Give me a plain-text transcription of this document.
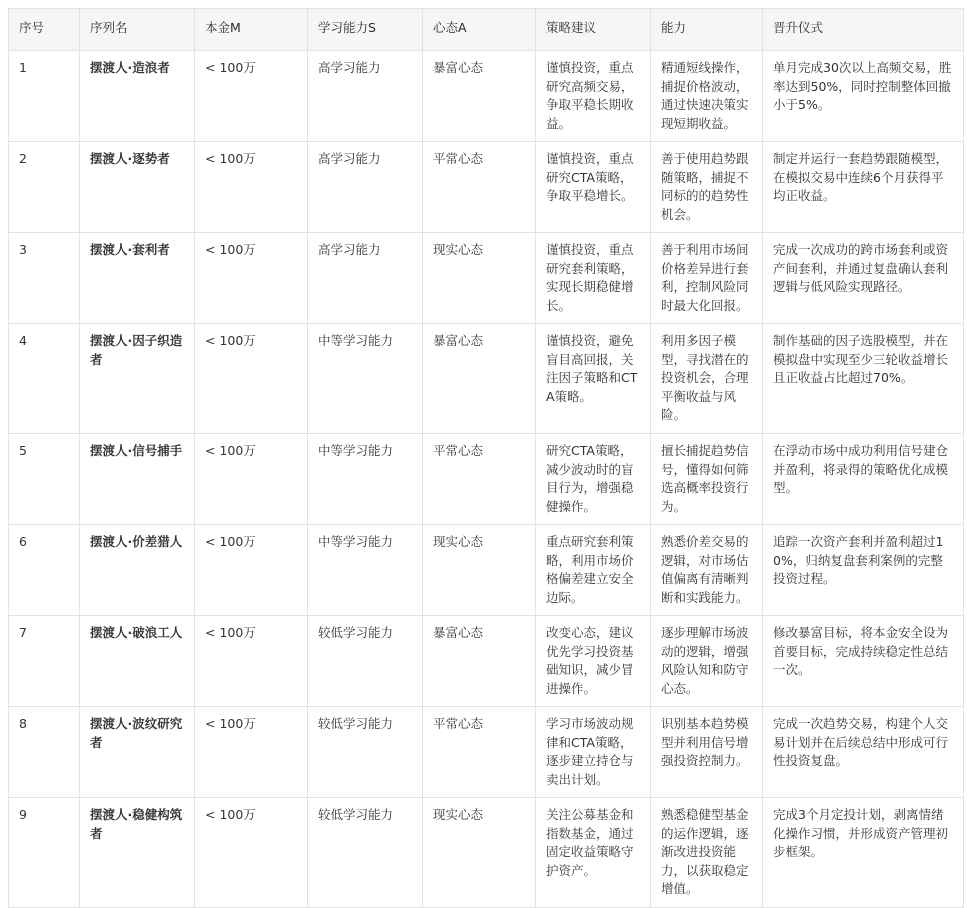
序号	序列名	本金M	学习能力S	心态A	策略建议	能力	晋升仪式
1	摆渡人·造浪者	< 100万	高学习能力	暴富心态	谨慎投资，重点研究高频交易，争取平稳长期收益。	精通短线操作，捕捉价格波动，通过快速决策实现短期收益。	单月完成30次以上高频交易，胜率达到50%，同时控制整体回撤小于5%。
2	摆渡人·逐势者	< 100万	高学习能力	平常心态	谨慎投资，重点研究CTA策略，争取平稳增长。	善于使用趋势跟随策略，捕捉不同标的的趋势性机会。	制定并运行一套趋势跟随模型，在模拟交易中连续6个月获得平均正收益。
3	摆渡人·套利者	< 100万	高学习能力	现实心态	谨慎投资，重点研究套利策略，实现长期稳健增长。	善于利用市场间价格差异进行套利，控制风险同时最大化回报。	完成一次成功的跨市场套利或资产间套利，并通过复盘确认套利逻辑与低风险实现路径。
4	摆渡人·因子织造者	< 100万	中等学习能力	暴富心态	谨慎投资，避免盲目高回报，关注因子策略和CTA策略。	利用多因子模型，寻找潜在的投资机会，合理平衡收益与风险。	制作基础的因子选股模型，并在模拟盘中实现至少三轮收益增长且正收益占比超过70%。
5	摆渡人·信号捕手	< 100万	中等学习能力	平常心态	研究CTA策略，减少波动时的盲目行为，增强稳健操作。	擅长捕捉趋势信号，懂得如何筛选高概率投资行为。	在浮动市场中成功利用信号建仓并盈利，将录得的策略优化成模型。
6	摆渡人·价差猎人	< 100万	中等学习能力	现实心态	重点研究套利策略，利用市场价格偏差建立安全边际。	熟悉价差交易的逻辑，对市场估值偏离有清晰判断和实践能力。	追踪一次资产套利并盈利超过10%，归纳复盘套利案例的完整投资过程。
7	摆渡人·破浪工人	< 100万	较低学习能力	暴富心态	改变心态，建议优先学习投资基础知识，减少冒进操作。	逐步理解市场波动的逻辑，增强风险认知和防守心态。	修改暴富目标，将本金安全设为首要目标，完成持续稳定性总结一次。
8	摆渡人·波纹研究者	< 100万	较低学习能力	平常心态	学习市场波动规律和CTA策略，逐步建立持仓与卖出计划。	识别基本趋势模型并利用信号增强投资控制力。	完成一次趋势交易，构建个人交易计划并在后续总结中形成可行性投资复盘。
9	摆渡人·稳健构筑者	< 100万	较低学习能力	现实心态	关注公募基金和指数基金，通过固定收益策略守护资产。	熟悉稳健型基金的运作逻辑，逐渐改进投资能力，以获取稳定增值。	完成3个月定投计划，剥离情绪化操作习惯，并形成资产管理初步框架。
